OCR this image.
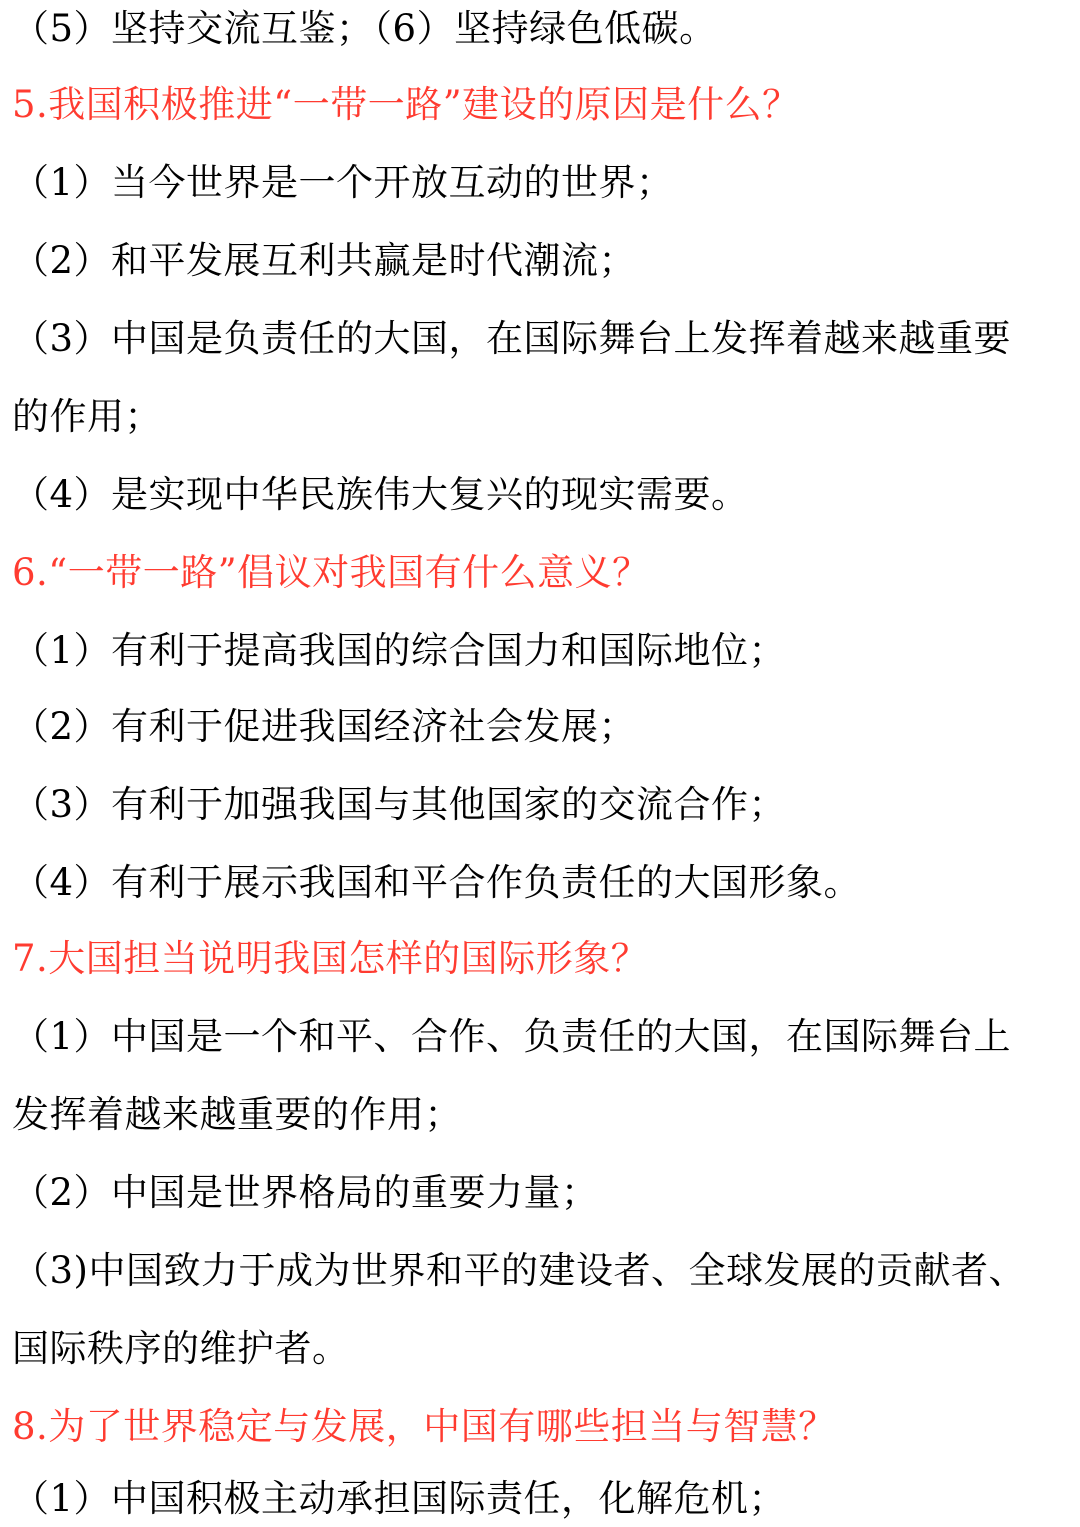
（5）坚持交流互鉴；（6）坚持绿色低碳。
5.我国积极推进“一带一路”建设的原因是什么？
（1）当今世界是一个开放互动的世界；
（2）和平发展互利共赢是时代潮流；
（3）中国是负责任的大国，在国际舞台上发挥着越来越重要
的作用；
（4）是实现中华民族伟大复兴的现实需要。
6.“一带一路”倡议对我国有什么意义？
（1）有利于提高我国的综合国力和国际地位；
（2）有利于促进我国经济社会发展；
（3）有利于加强我国与其他国家的交流合作；
（4）有利于展示我国和平合作负责任的大国形象。
7.大国担当说明我国怎样的国际形象？
（1）中国是一个和平、合作、负责任的大国，在国际舞台上
发挥着越来越重要的作用；
（2）中国是世界格局的重要力量；
（3)中国致力于成为世界和平的建设者、全球发展的贡献者、
国际秩序的维护者。
8.为了世界稳定与发展，中国有哪些担当与智慧？
（1）中国积极主动承担国际责任，化解危机；
